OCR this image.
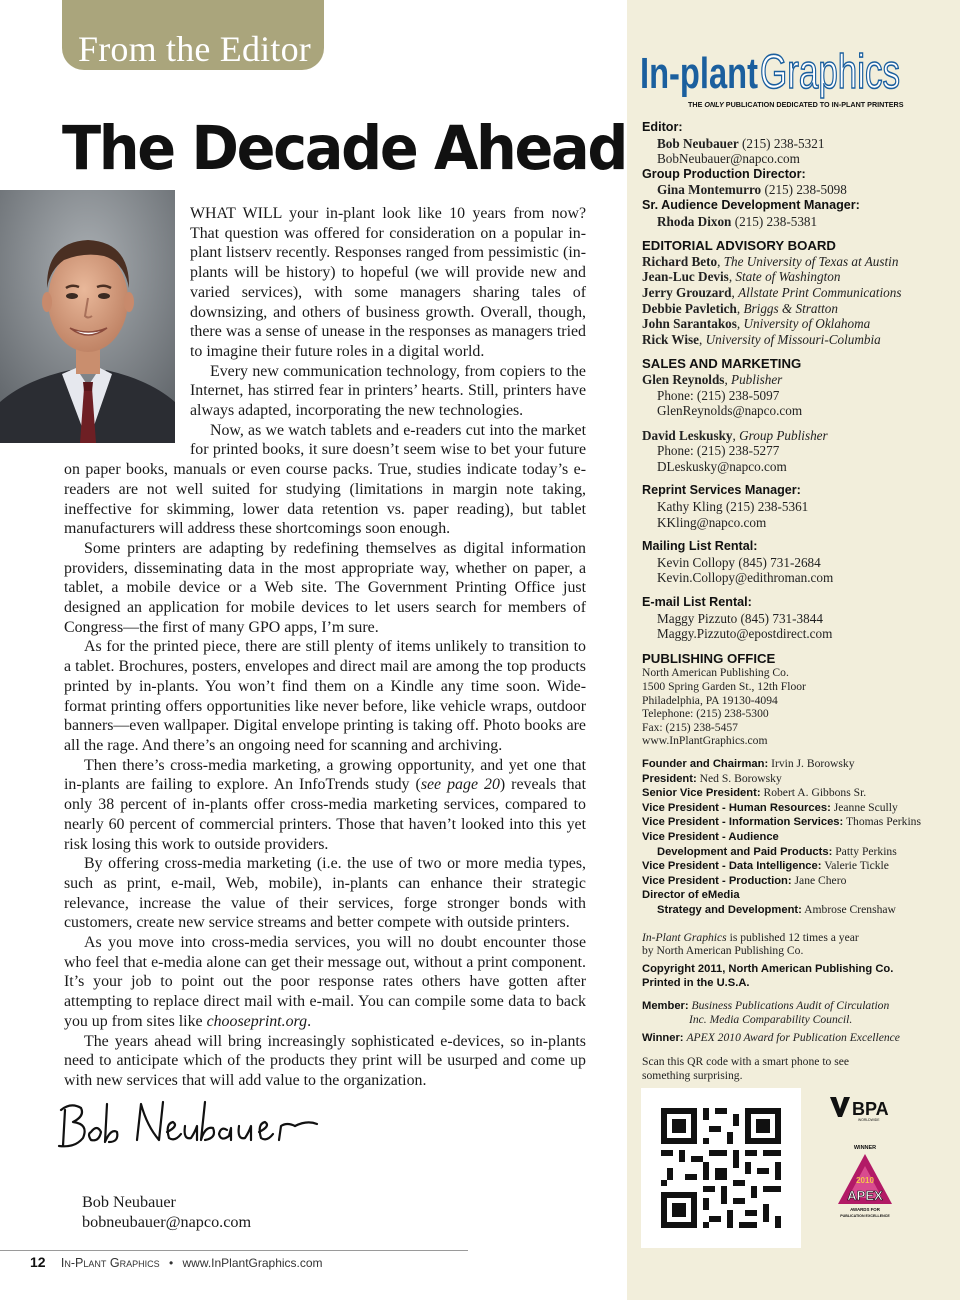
From the Editor
The Decade Ahead

WHAT WILL your in-plant look like 10 years from now? That question was offered for consideration on a popular in-plant listserv recently. Responses ranged from pessimistic (in-plants will be history) to hopeful (we will provide new and varied services), with some managers sharing tales of downsizing, and others of business growth. Overall, though, there was a sense of unease in the responses as managers tried to imagine their future roles in a digital world.

Every new communication technology, from copiers to the Internet, has stirred fear in printers’ hearts. Still, printers have always adapted, incorporating the new technologies.

Now, as we watch tablets and e-readers cut into the market for printed books, it sure doesn’t seem wise to bet your future on paper books, manuals or even course packs. True, studies indicate today’s e-readers are not well suited for studying (limitations in margin note taking, ineffective for skimming, lower data retention vs. paper reading), but tablet manufacturers will address these shortcomings soon enough.

Some printers are adapting by redefining themselves as digital information providers, disseminating data in the most appropriate way, whether on paper, a tablet, a mobile device or a Web site. The Government Printing Office just designed an application for mobile devices to let users search for members of Congress—the first of many GPO apps, I’m sure.

As for the printed piece, there are still plenty of items unlikely to transition to a tablet. Brochures, posters, envelopes and direct mail are among the top products printed by in-plants. You won’t find them on a Kindle any time soon. Wide-format printing offers opportunities like never before, like vehicle wraps, outdoor banners—even wallpaper. Digital envelope printing is taking off. Photo books are all the rage. And there’s an ongoing need for scanning and archiving.

Then there’s cross-media marketing, a growing opportunity, and yet one that in-plants are failing to explore. An InfoTrends study (see page 20) reveals that only 38 percent of in-plants offer cross-media marketing services, compared to nearly 60 percent of commercial printers. Those that haven’t looked into this yet risk losing this work to outside providers.

By offering cross-media marketing (i.e. the use of two or more media types, such as print, e-mail, Web, mobile), in-plants can enhance their strategic relevance, increase the value of their services, forge stronger bonds with customers, create new service streams and better compete with outside printers.

As you move into cross-media services, you will no doubt encounter those who feel that e-media alone can get their message out, without a print component. It’s your job to point out the poor response rates others have gotten after attempting to replace direct mail with e-mail. You can compile some data to back you up from sites like chooseprint.org.

The years ahead will bring increasingly sophisticated e-devices, so in-plants need to anticipate which of the products they print will be usurped and come up with new services that will add value to the organization.

Bob Neubauer
bobneubauer@napco.com
12 In-Plant Graphics • www.InPlantGraphics.com
In-plant Graphics
THE ONLY PUBLICATION DEDICATED TO IN-PLANT PRINTERS
Editor:
Bob Neubauer (215) 238-5321
BobNeubauer@napco.com
Group Production Director:
Gina Montemurro (215) 238-5098
Sr. Audience Development Manager:
Rhoda Dixon (215) 238-5381
EDITORIAL ADVISORY BOARD
Richard Beto, The University of Texas at Austin
Jean-Luc Devis, State of Washington
Jerry Grouzard, Allstate Print Communications
Debbie Pavletich, Briggs & Stratton
John Sarantakos, University of Oklahoma
Rick Wise, University of Missouri-Columbia
SALES AND MARKETING
Glen Reynolds, Publisher
Phone: (215) 238-5097
GlenReynolds@napco.com
David Leskusky, Group Publisher
Phone: (215) 238-5277
DLeskusky@napco.com
Reprint Services Manager:
Kathy Kling (215) 238-5361
KKling@napco.com
Mailing List Rental:
Kevin Collopy (845) 731-2684
Kevin.Collopy@edithroman.com
E-mail List Rental:
Maggy Pizzuto (845) 731-3844
Maggy.Pizzuto@epostdirect.com
PUBLISHING OFFICE
North American Publishing Co.
1500 Spring Garden St., 12th Floor
Philadelphia, PA 19130-4094
Telephone: (215) 238-5300
Fax: (215) 238-5457
www.InPlantGraphics.com
Founder and Chairman: Irvin J. Borowsky
President: Ned S. Borowsky
Senior Vice President: Robert A. Gibbons Sr.
Vice President - Human Resources: Jeanne Scully
Vice President - Information Services: Thomas Perkins
Vice President - Audience
Development and Paid Products: Patty Perkins
Vice President - Data Intelligence: Valerie Tickle
Vice President - Production: Jane Chero
Director of eMedia
Strategy and Development: Ambrose Crenshaw
In-Plant Graphics is published 12 times a year
by North American Publishing Co.
Copyright 2011, North American Publishing Co.
Printed in the U.S.A.
Member: Business Publications Audit of Circulation
Inc. Media Comparability Council.
Winner: APEX 2010 Award for Publication Excellence
Scan this QR code with a smart phone to see
something surprising.
BPA
WORLDWIDE
WINNER
2010
APEX
AWARDS FOR
PUBLICATION EXCELLENCE
